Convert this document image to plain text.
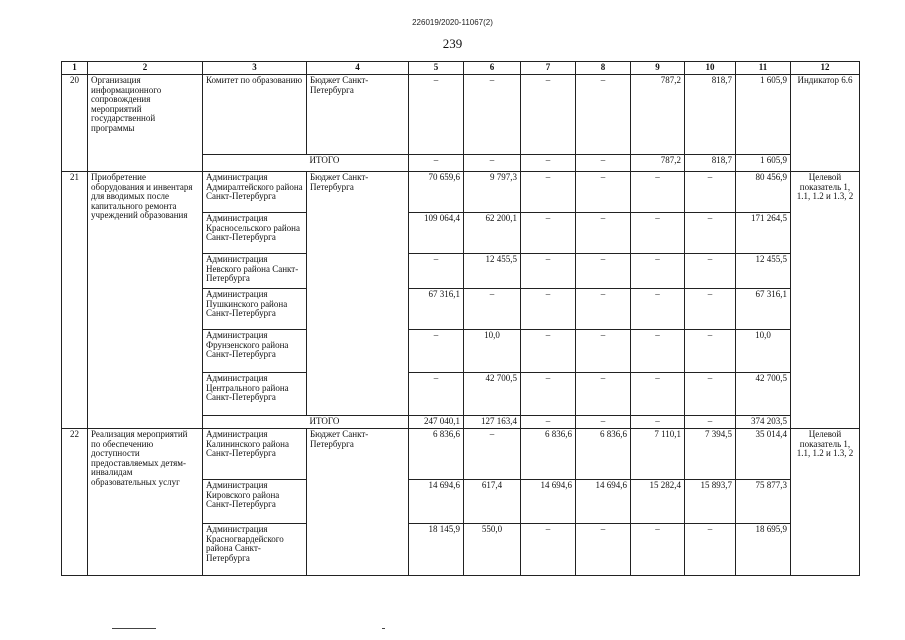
226019/2020-11067(2)
239
1	2	3	4	5	6	7	8	9	10	11	12
20	Организация информационного сопровождения мероприятий государственной программы	Комитет по образованию	Бюджет Санкт-Петербурга	–	–	–	–	787,2	818,7	1 605,9	Индикатор 6.6
			ИТОГО	–	–	–	–	787,2	818,7	1 605,9	
21	Приобретение оборудования и инвентаря для вводимых после капитального ремонта учреждений образования	Администрация Адмиралтейского района Санкт-Петербурга	Бюджет Санкт-Петербурга	70 659,6	9 797,3	–	–	–	–	80 456,9	Целевой показатель 1, 1.1, 1.2 и 1.3, 2
		Администрация Красносельского района Санкт-Петербурга		109 064,4	62 200,1	–	–	–	–	171 264,5	
		Администрация Невского района Санкт-Петербурга		–	12 455,5	–	–	–	–	12 455,5	
		Администрация Пушкинского района Санкт-Петербурга		67 316,1	–	–	–	–	–	67 316,1	
		Администрация Фрунзенского района Санкт-Петербурга		–	10,0	–	–	–	–	10,0	
		Администрация Центрального района Санкт-Петербурга		–	42 700,5	–	–	–	–	42 700,5	
			ИТОГО	247 040,1	127 163,4	–	–	–	–	374 203,5	
22	Реализация мероприятий по обеспечению доступности предоставляемых детям-инвалидам образовательных услуг	Администрация Калининского района Санкт-Петербурга	Бюджет Санкт-Петербурга	6 836,6	–	6 836,6	6 836,6	7 110,1	7 394,5	35 014,4	Целевой показатель 1, 1.1, 1.2 и 1.3, 2
		Администрация Кировского района Санкт-Петербурга		14 694,6	617,4	14 694,6	14 694,6	15 282,4	15 893,7	75 877,3	
		Администрация Красногвардейского района Санкт-Петербурга		18 145,9	550,0	–	–	–	–	18 695,9	
